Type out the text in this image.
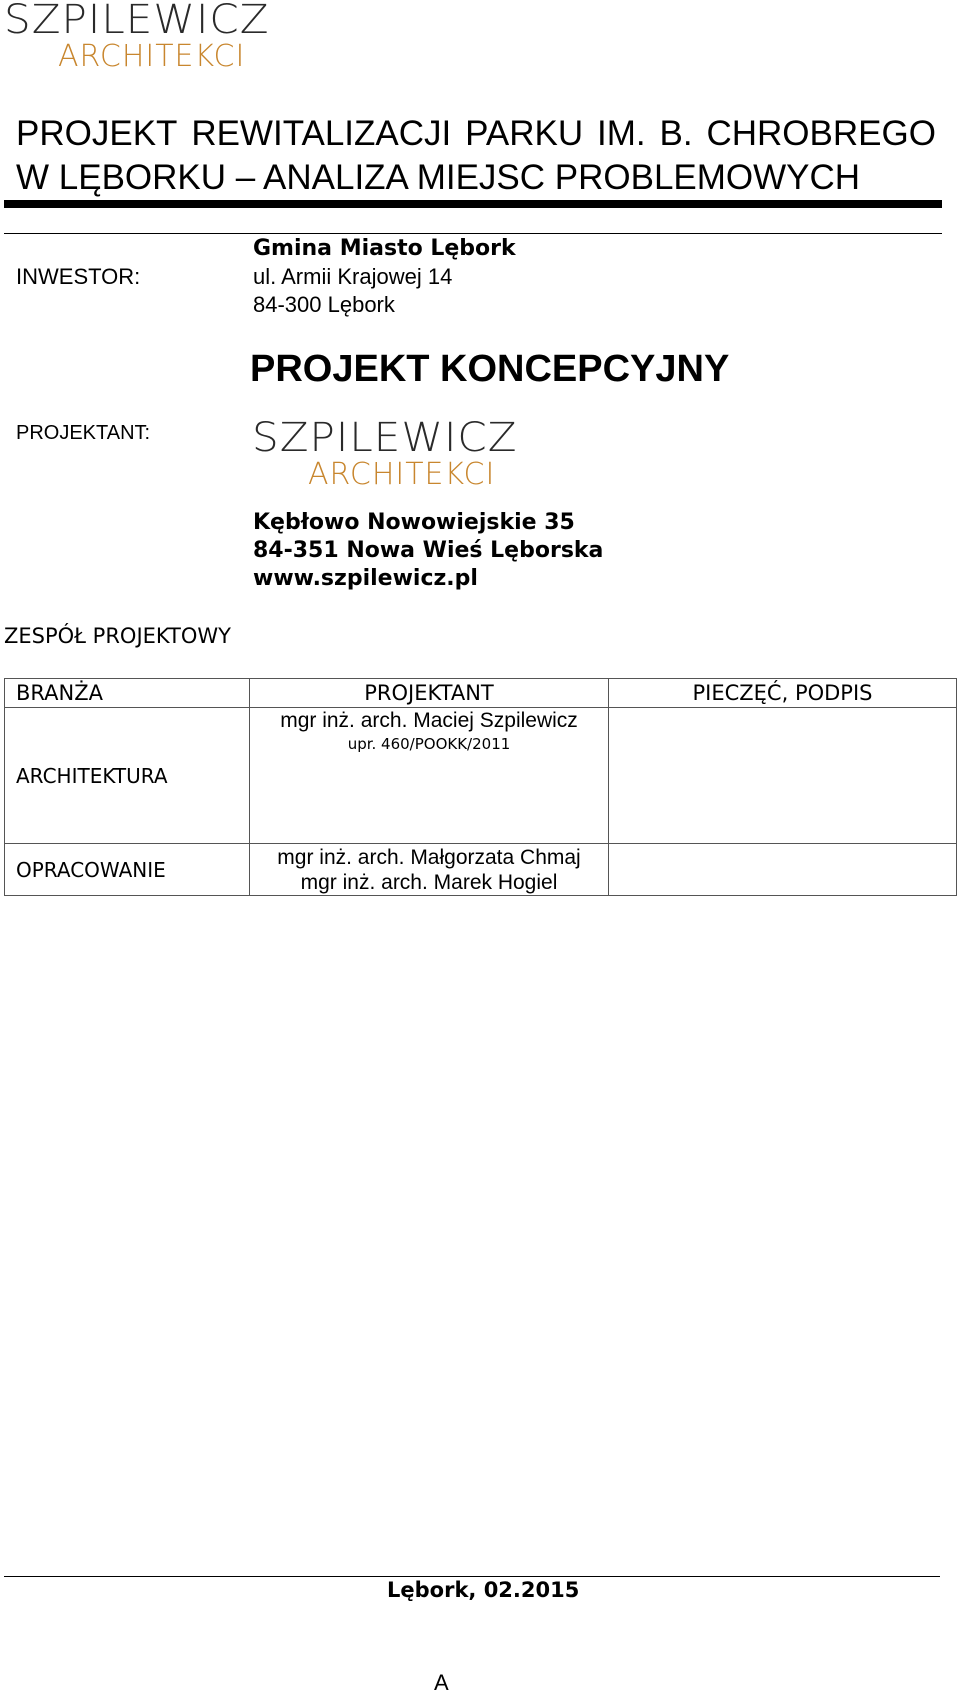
SZPILEWICZ
ARCHITEKCI
PROJEKT REWITALIZACJI PARKU IM. B. CHROBREGO
W LĘBORKU – ANALIZA MIEJSC PROBLEMOWYCH
INWESTOR:
Gmina Miasto Lębork
ul. Armii Krajowej 14
84-300 Lębork
PROJEKT KONCEPCYJNY
PROJEKTANT:	SZPILEWICZ
ARCHITEKCI
Kębłowo Nowowiejskie 35
84-351 Nowa Wieś Lęborska
www.szpilewicz.pl
ZESPÓŁ PROJEKTOWY
BRANŻA	PROJEKTANT	PIECZĘĆ, PODPIS
ARCHITEKTURA	mgr inż. arch. Maciej Szpilewicz
upr. 460/POOKK/2011	

OPRACOWANIE	mgr inż. arch. Małgorzata Chmaj
mgr inż. arch. Marek Hogiel	

Lębork, 02.2015
A
